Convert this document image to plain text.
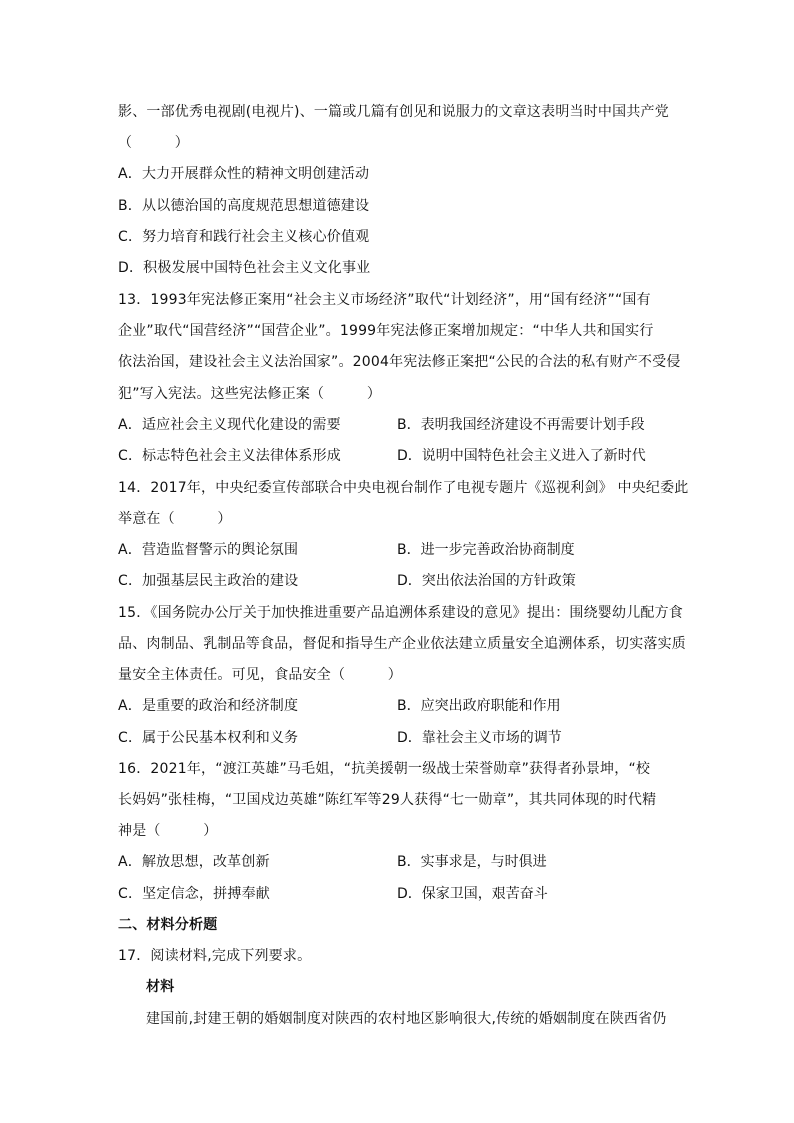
影、一部优秀电视剧(电视片)、一篇或几篇有创见和说服力的文章这表明当时中国共产党
（　　　）
A．大力开展群众性的精神文明创建活动
B．从以德治国的高度规范思想道德建设
C．努力培育和践行社会主义核心价值观
D．积极发展中国特色社会主义文化事业
13．1993年宪法修正案用“社会主义市场经济”取代“计划经济”，用“国有经济”“国有
企业”取代“国营经济”“国营企业”。1999年宪法修正案增加规定：“中华人共和国实行
依法治国，建设社会主义法治国家”。2004年宪法修正案把“公民的合法的私有财产不受侵
犯”写入宪法。这些宪法修正案（　　　）
A．适应社会主义现代化建设的需要	B．表明我国经济建设不再需要计划手段
C．标志特色社会主义法律体系形成	D．说明中国特色社会主义进入了新时代
14．2017年，中央纪委宣传部联合中央电视台制作了电视专题片《巡视利剑》 中央纪委此
举意在（　　　）
A．营造监督警示的舆论氛围	B．进一步完善政治协商制度
C．加强基层民主政治的建设	D．突出依法治国的方针政策
15．《国务院办公厅关于加快推进重要产品追溯体系建设的意见》提出：围绕婴幼儿配方食
品、肉制品、乳制品等食品，督促和指导生产企业依法建立质量安全追溯体系，切实落实质
量安全主体责任。可见，食品安全（　　　）
A．是重要的政治和经济制度	B．应突出政府职能和作用
C．属于公民基本权利和义务	D．靠社会主义市场的调节
16．2021年，“渡江英雄”马毛姐，“抗美援朝一级战士荣誉勋章”获得者孙景坤，“校
长妈妈”张桂梅，“卫国戍边英雄”陈红军等29人获得“七一勋章”，其共同体现的时代精
神是（　　　）
A．解放思想，改革创新	B．实事求是，与时俱进
C．坚定信念，拼搏奉献	D．保家卫国，艰苦奋斗
二、材料分析题
17．阅读材料,完成下列要求。
材料
建国前,封建王朝的婚姻制度对陕西的农村地区影响很大,传统的婚姻制度在陕西省仍
